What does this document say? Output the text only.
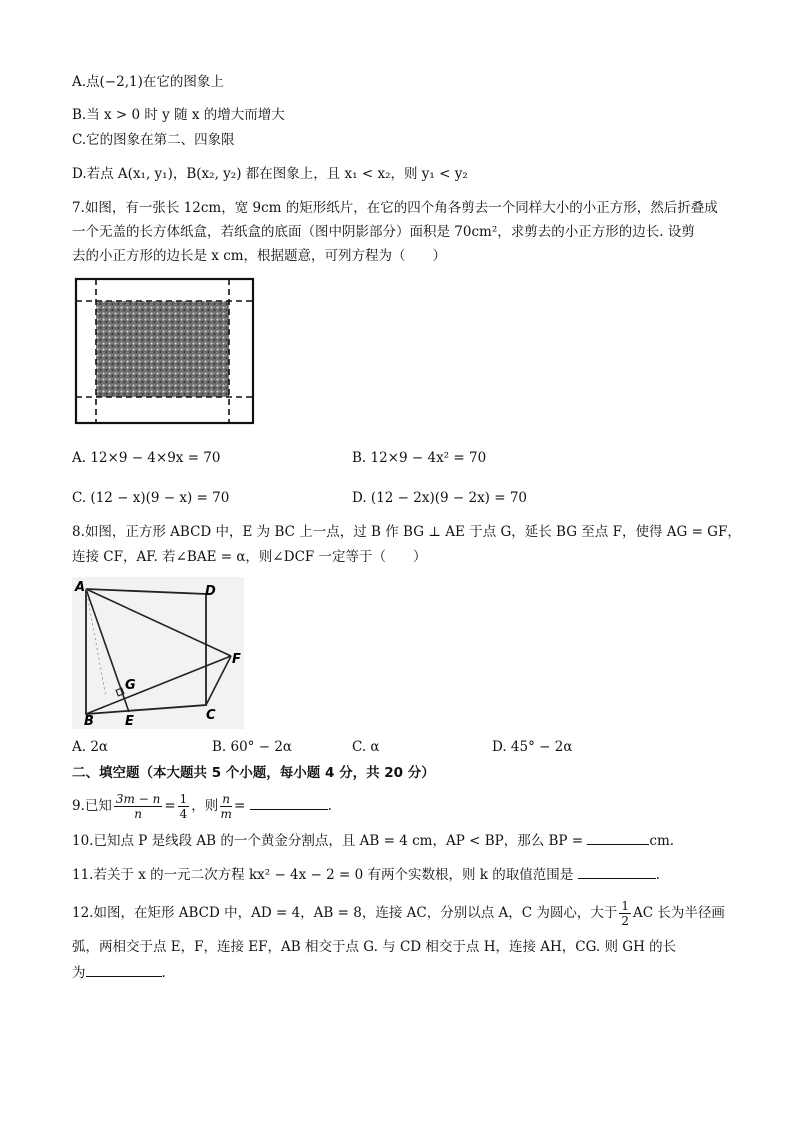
A.点(−2,1)在它的图象上
B.当 x > 0 时 y 随 x 的增大而增大
C.它的图象在第二、四象限
D.若点 A(x₁, y₁)，B(x₂, y₂) 都在图象上，且 x₁ < x₂，则 y₁ < y₂
7.如图，有一张长 12cm，宽 9cm 的矩形纸片，在它的四个角各剪去一个同样大小的小正方形，然后折叠成
一个无盖的长方体纸盒，若纸盒的底面（图中阴影部分）面积是 70cm²，求剪去的小正方形的边长. 设剪
去的小正方形的边长是 x cm，根据题意，可列方程为（　　）
A. 12×9 − 4×9x = 70	B. 12×9 − 4x² = 70
C. (12 − x)(9 − x) = 70	D. (12 − 2x)(9 − 2x) = 70
8.如图，正方形 ABCD 中，E 为 BC 上一点，过 B 作 BG ⊥ AE 于点 G，延长 BG 至点 F，使得 AG = GF，
连接 CF，AF. 若∠BAE = α，则∠DCF 一定等于（　　）
A	D
F
G
B E	C
A. 2α	B. 60° − 2α	C. α	D. 45° − 2α
二、填空题（本大题共 5 个小题，每小题 4 分，共 20 分）
9.已知 $\frac{3m - n}{n} = \frac{1}{4}$ ，则 $\frac{n}{m}$ =	.
10.已知点 P 是线段 AB 的一个黄金分割点，且 AB = 4 cm，AP < BP，那么 BP =	cm.
11.若关于 x 的一元二次方程 kx² − 4x − 2 = 0 有两个实数根，则 k 的取值范围是	.
12.如图，在矩形 ABCD 中，AD = 4，AB = 8，连接 AC，分别以点 A，C 为圆心，大于 $\frac{1}{2}$ AC 长为半径画
弧，两相交于点 E，F，连接 EF，AB 相交于点 G. 与 CD 相交于点 H，连接 AH，CG. 则 GH 的长
为	.
